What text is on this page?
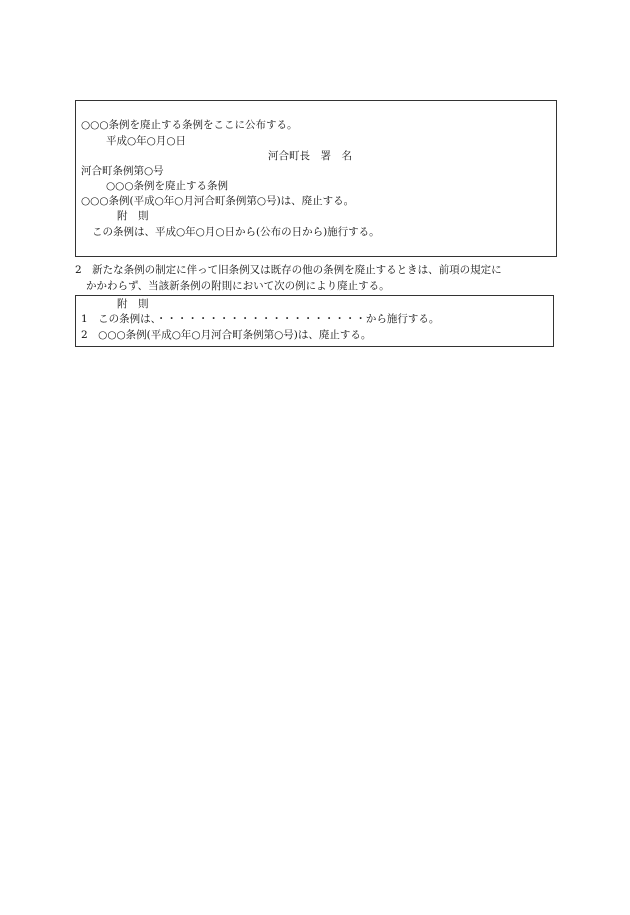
○○○条例を廃止する条例をここに公布する。
平成○年○月○日
河合町長　署　名
河合町条例第○号
○○○条例を廃止する条例
○○○条例(平成○年○月河合町条例第○号)は、廃止する。
附　則
この条例は、平成○年○月○日から(公布の日から)施行する。
2　新たな条例の制定に伴って旧条例又は既存の他の条例を廃止するときは、前項の規定に
かかわらず、当該新条例の附則において次の例により廃止する。
附　則
1　この条例は、・・・・・・・・・・・・・・・・・・・・から施行する。
2　○○○条例(平成○年○月河合町条例第○号)は、廃止する。
